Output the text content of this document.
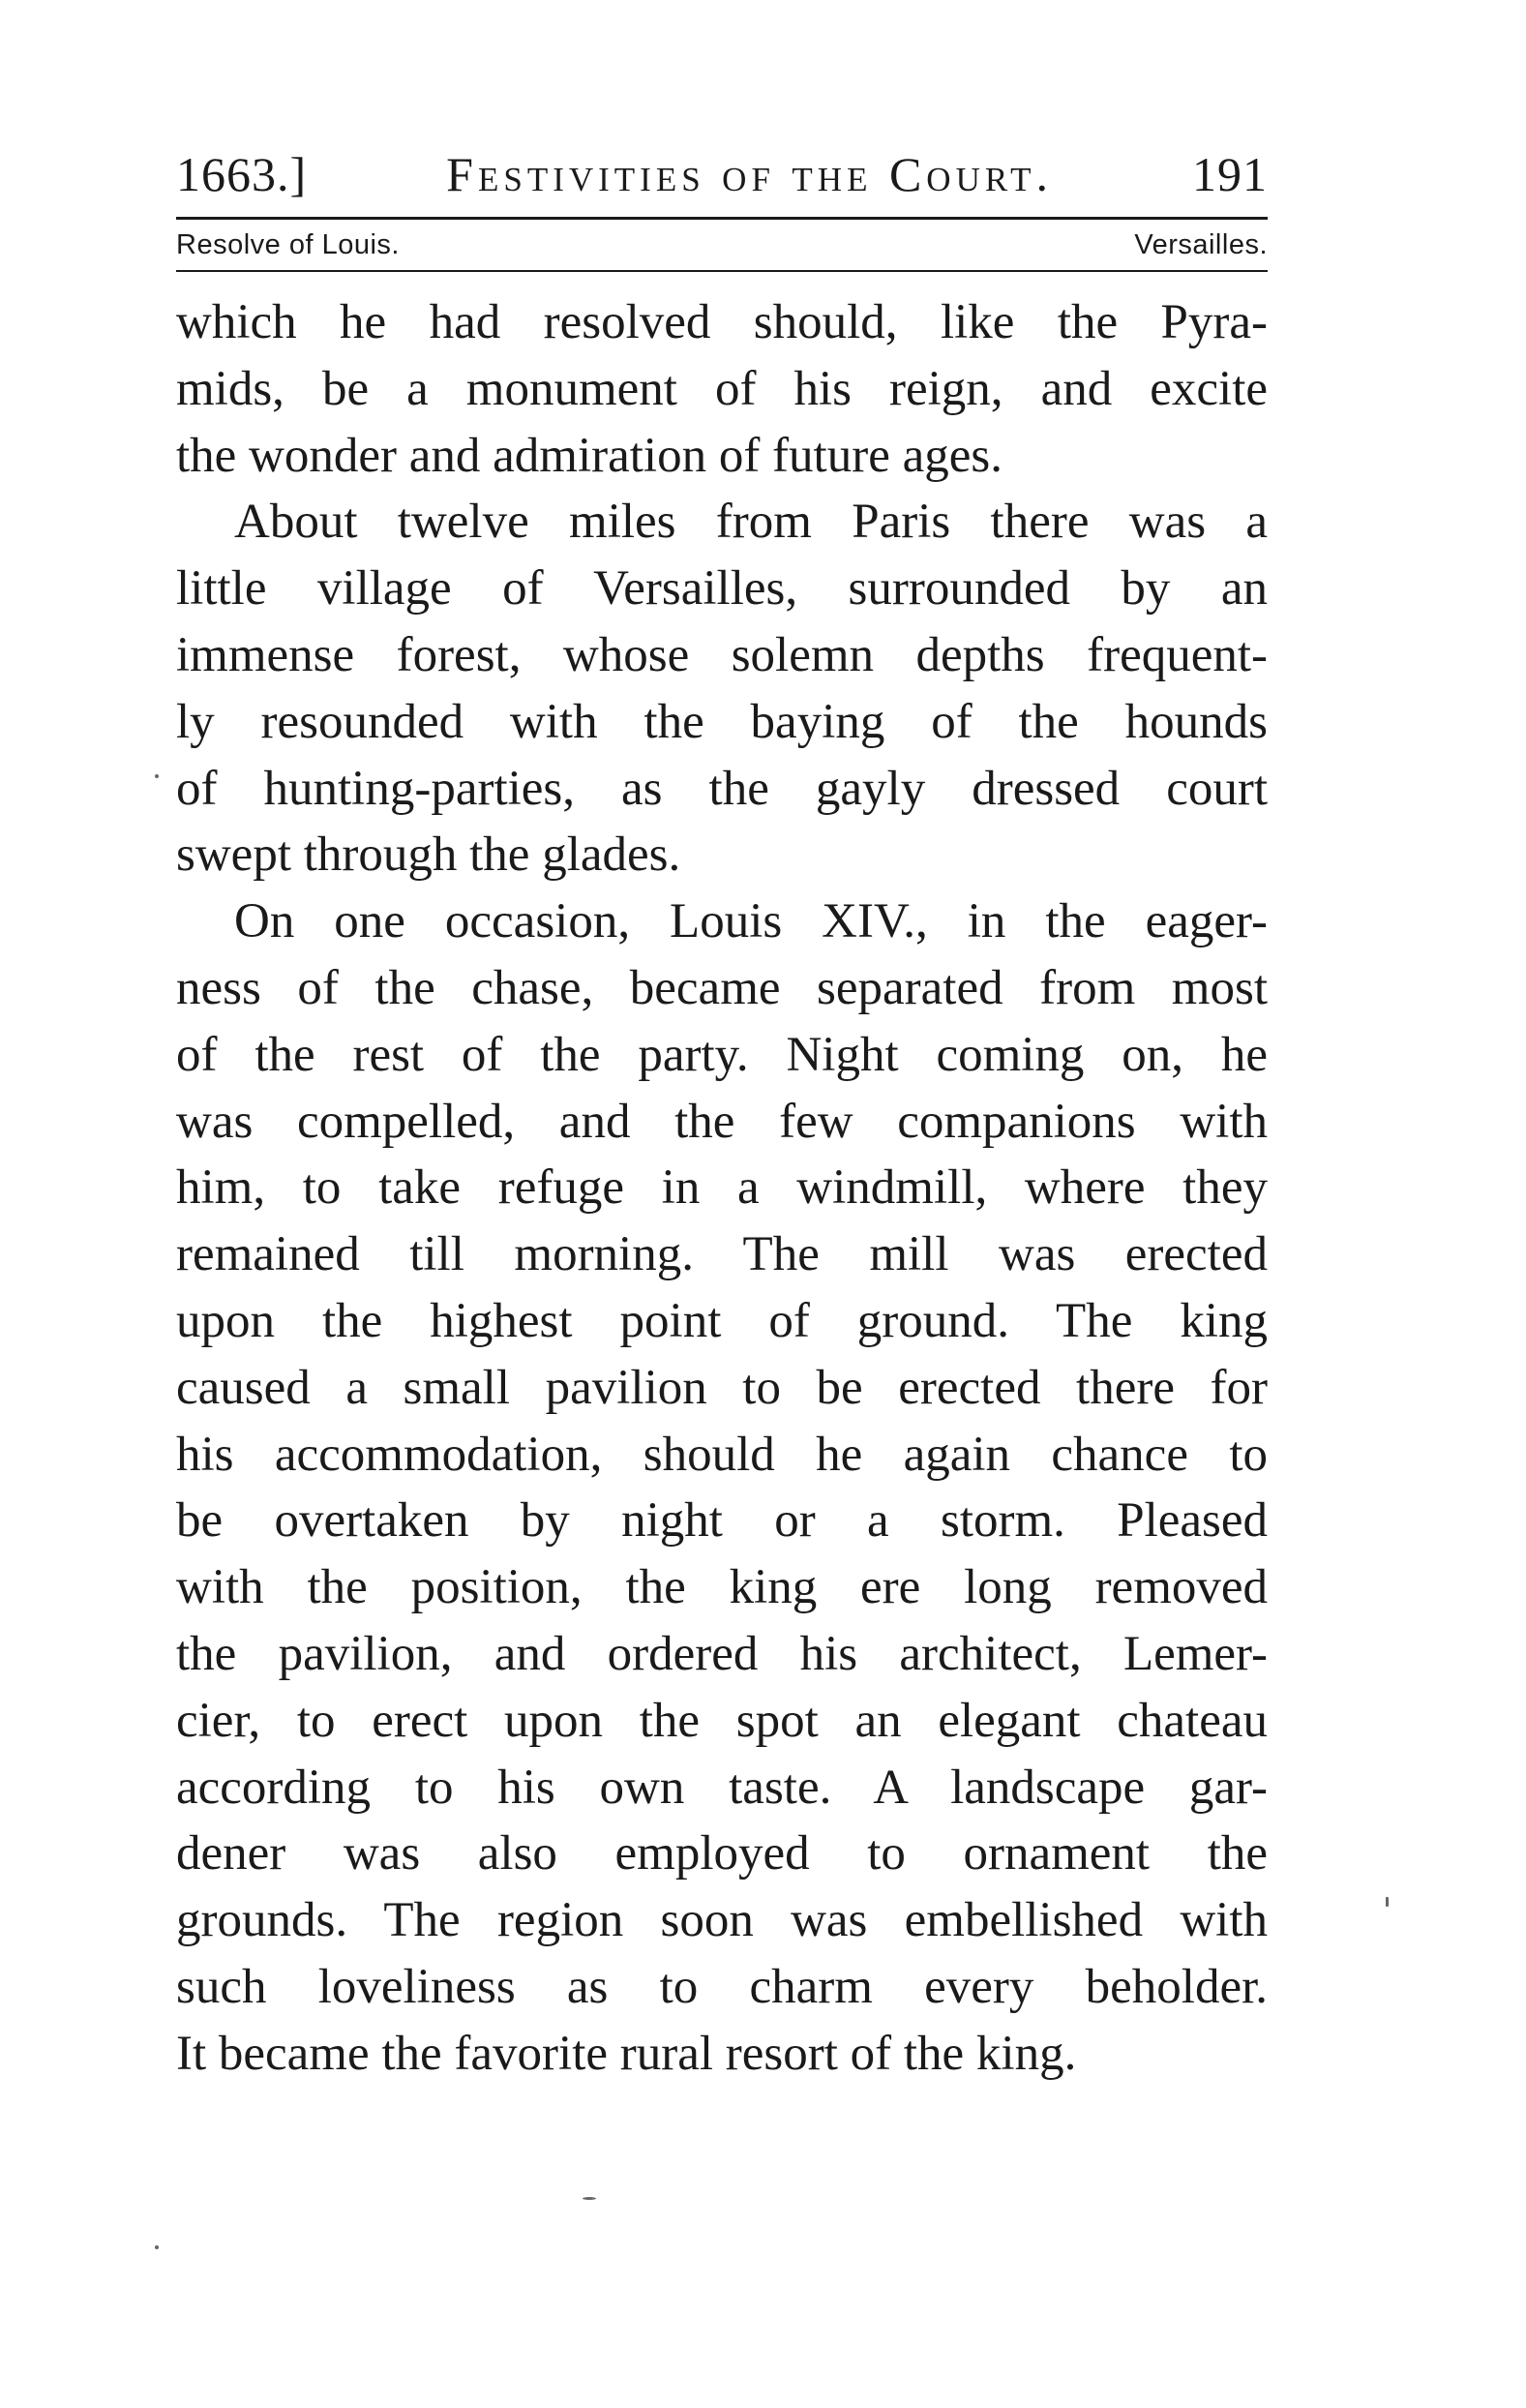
1663.]	Festivities of the Court.	191
Resolve of Louis.	Versailles.
which he had resolved should, like the Pyra-
mids, be a monument of his reign, and excite
the wonder and admiration of future ages.
About twelve miles from Paris there was a
little village of Versailles, surrounded by an
immense forest, whose solemn depths frequent-
ly resounded with the baying of the hounds
of hunting-parties, as the gayly dressed court
swept through the glades.
On one occasion, Louis XIV., in the eager-
ness of the chase, became separated from most
of the rest of the party. Night coming on, he
was compelled, and the few companions with
him, to take refuge in a windmill, where they
remained till morning. The mill was erected
upon the highest point of ground. The king
caused a small pavilion to be erected there for
his accommodation, should he again chance to
be overtaken by night or a storm. Pleased
with the position, the king ere long removed
the pavilion, and ordered his architect, Lemer-
cier, to erect upon the spot an elegant chateau
according to his own taste. A landscape gar-
dener was also employed to ornament the
grounds. The region soon was embellished with
such loveliness as to charm every beholder.
It became the favorite rural resort of the king.
